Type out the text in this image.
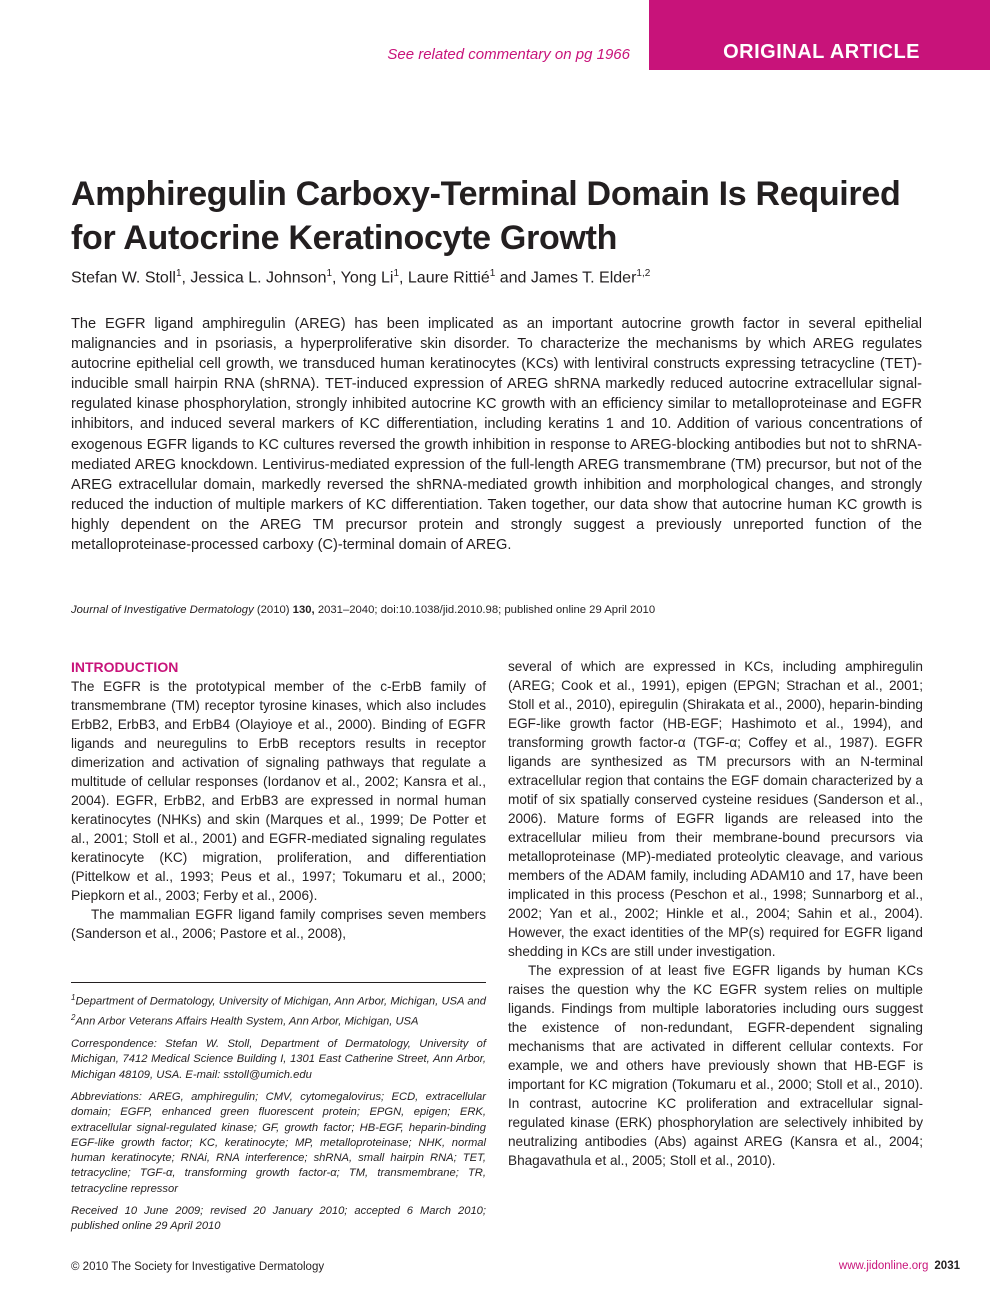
See related commentary on pg 1966	ORIGINAL ARTICLE
Amphiregulin Carboxy-Terminal Domain Is Required
for Autocrine Keratinocyte Growth
Stefan W. Stoll$^1$, Jessica L. Johnson$^1$, Yong Li$^1$, Laure Rittié$^1$ and James T. Elder$^{1,2}$

The EGFR ligand amphiregulin (AREG) has been implicated as an important autocrine growth factor in several epithelial malignancies and in psoriasis, a hyperproliferative skin disorder. To characterize the mechanisms by which AREG regulates autocrine epithelial cell growth, we transduced human keratinocytes (KCs) with lentiviral constructs expressing tetracycline (TET)-inducible small hairpin RNA (shRNA). TET-induced expression of AREG shRNA markedly reduced autocrine extracellular signal-regulated kinase phosphorylation, strongly inhibited autocrine KC growth with an efficiency similar to metalloproteinase and EGFR inhibitors, and induced several markers of KC differentiation, including keratins 1 and 10. Addition of various concentrations of exogenous EGFR ligands to KC cultures reversed the growth inhibition in response to AREG-blocking antibodies but not to shRNA-mediated AREG knockdown. Lentivirus-mediated expression of the full-length AREG transmembrane (TM) precursor, but not of the AREG extracellular domain, markedly reversed the shRNA-mediated growth inhibition and morphological changes, and strongly reduced the induction of multiple markers of KC differentiation. Taken together, our data show that autocrine human KC growth is highly dependent on the AREG TM precursor protein and strongly suggest a previously unreported function of the metalloproteinase-processed carboxy (C)-terminal domain of AREG.

Journal of Investigative Dermatology (2010) 130, 2031–2040; doi:10.1038/jid.2010.98; published online 29 April 2010
INTRODUCTION

The EGFR is the prototypical member of the c-ErbB family of transmembrane (TM) receptor tyrosine kinases, which also includes ErbB2, ErbB3, and ErbB4 (Olayioye et al., 2000). Binding of EGFR ligands and neuregulins to ErbB receptors results in receptor dimerization and activation of signaling pathways that regulate a multitude of cellular responses (Iordanov et al., 2002; Kansra et al., 2004). EGFR, ErbB2, and ErbB3 are expressed in normal human keratinocytes (NHKs) and skin (Marques et al., 1999; De Potter et al., 2001; Stoll et al., 2001) and EGFR-mediated signaling regulates keratinocyte (KC) migration, proliferation, and differentiation (Pittelkow et al., 1993; Peus et al., 1997; Tokumaru et al., 2000; Piepkorn et al., 2003; Ferby et al., 2006).

The mammalian EGFR ligand family comprises seven members (Sanderson et al., 2006; Pastore et al., 2008),

several of which are expressed in KCs, including amphiregulin (AREG; Cook et al., 1991), epigen (EPGN; Strachan et al., 2001; Stoll et al., 2010), epiregulin (Shirakata et al., 2000), heparin-binding EGF-like growth factor (HB-EGF; Hashimoto et al., 1994), and transforming growth factor-α (TGF-α; Coffey et al., 1987). EGFR ligands are synthesized as TM precursors with an N-terminal extracellular region that contains the EGF domain characterized by a motif of six spatially conserved cysteine residues (Sanderson et al., 2006). Mature forms of EGFR ligands are released into the extracellular milieu from their membrane-bound precursors via metalloproteinase (MP)-mediated proteolytic cleavage, and various members of the ADAM family, including ADAM10 and 17, have been implicated in this process (Peschon et al., 1998; Sunnarborg et al., 2002; Yan et al., 2002; Hinkle et al., 2004; Sahin et al., 2004). However, the exact identities of the MP(s) required for EGFR ligand shedding in KCs are still under investigation.

The expression of at least five EGFR ligands by human KCs raises the question why the KC EGFR system relies on multiple ligands. Findings from multiple laboratories including ours suggest the existence of non-redundant, EGFR-dependent signaling mechanisms that are activated in different cellular contexts. For example, we and others have previously shown that HB-EGF is important for KC migration (Tokumaru et al., 2000; Stoll et al., 2010). In contrast, autocrine KC proliferation and extracellular signal-regulated kinase (ERK) phosphorylation are selectively inhibited by neutralizing antibodies (Abs) against AREG (Kansra et al., 2004; Bhagavathula et al., 2005; Stoll et al., 2010).

$^1$Department of Dermatology, University of Michigan, Ann Arbor, Michigan, USA and $^2$Ann Arbor Veterans Affairs Health System, Ann Arbor, Michigan, USA

Correspondence: Stefan W. Stoll, Department of Dermatology, University of Michigan, 7412 Medical Science Building I, 1301 East Catherine Street, Ann Arbor, Michigan 48109, USA. E-mail: sstoll@umich.edu

Abbreviations: AREG, amphiregulin; CMV, cytomegalovirus; ECD, extracellular domain; EGFP, enhanced green fluorescent protein; EPGN, epigen; ERK, extracellular signal-regulated kinase; GF, growth factor; HB-EGF, heparin-binding EGF-like growth factor; KC, keratinocyte; MP, metalloproteinase; NHK, normal human keratinocyte; RNAi, RNA interference; shRNA, small hairpin RNA; TET, tetracycline; TGF-α, transforming growth factor-α; TM, transmembrane; TR, tetracycline repressor

Received 10 June 2009; revised 20 January 2010; accepted 6 March 2010; published online 29 April 2010

© 2010 The Society for Investigative Dermatology	www.jidonline.org 2031
